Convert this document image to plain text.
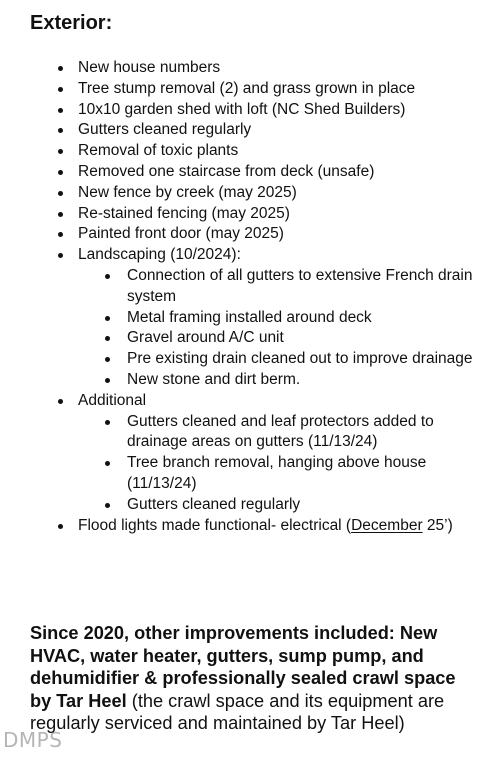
Exterior:
New house numbers
Tree stump removal (2) and grass grown in place
10x10 garden shed with loft (NC Shed Builders)
Gutters cleaned regularly
Removal of toxic plants
Removed one staircase from deck (unsafe)
New fence by creek (may 2025)
Re-stained fencing (may 2025)
Painted front door (may 2025)
Landscaping (10/2024):
Connection of all gutters to extensive French drain system
Metal framing installed around deck
Gravel around A/C unit
Pre existing drain cleaned out to improve drainage
New stone and dirt berm.
Additional
Gutters cleaned and leaf protectors added to drainage areas on gutters (11/13/24)
Tree branch removal, hanging above house (11/13/24)
Gutters cleaned regularly
Flood lights made functional- electrical (December 25’)

Since 2020, other improvements included: New HVAC, water heater, gutters, sump pump, and dehumidifier & professionally sealed crawl space by Tar Heel (the crawl space and its equipment are regularly serviced and maintained by Tar Heel)

DMPS
